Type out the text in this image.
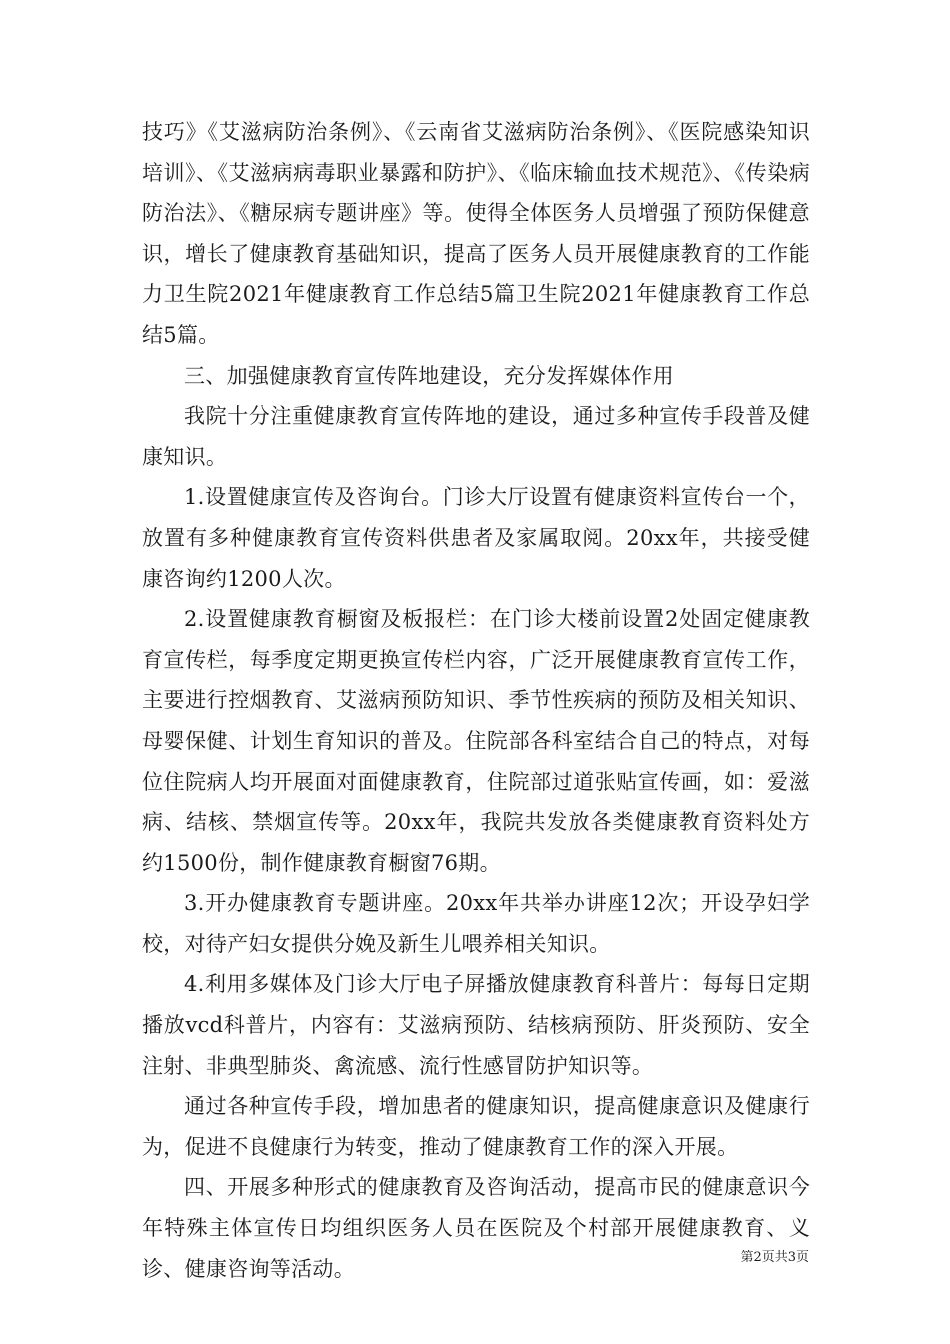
技巧》《艾滋病防治条例》、《云南省艾滋病防治条例》、《医院感染知识培训》、《艾滋病病毒职业暴露和防护》、《临床输血技术规范》、《传染病防治法》、《糖尿病专题讲座》等。使得全体医务人员增强了预防保健意识，增长了健康教育基础知识，提高了医务人员开展健康教育的工作能力卫生院2021年健康教育工作总结5篇卫生院2021年健康教育工作总结5篇。

三、加强健康教育宣传阵地建设，充分发挥媒体作用

我院十分注重健康教育宣传阵地的建设，通过多种宣传手段普及健康知识。

1.设置健康宣传及咨询台。门诊大厅设置有健康资料宣传台一个，放置有多种健康教育宣传资料供患者及家属取阅。20xx年，共接受健康咨询约1200人次。

2.设置健康教育橱窗及板报栏：在门诊大楼前设置2处固定健康教育宣传栏，每季度定期更换宣传栏内容，广泛开展健康教育宣传工作，主要进行控烟教育、艾滋病预防知识、季节性疾病的预防及相关知识、母婴保健、计划生育知识的普及。住院部各科室结合自己的特点，对每位住院病人均开展面对面健康教育，住院部过道张贴宣传画，如：爱滋病、结核、禁烟宣传等。20xx年，我院共发放各类健康教育资料处方约1500份，制作健康教育橱窗76期。

3.开办健康教育专题讲座。20xx年共举办讲座12次；开设孕妇学校，对待产妇女提供分娩及新生儿喂养相关知识。

4.利用多媒体及门诊大厅电子屏播放健康教育科普片：每每日定期播放vcd科普片，内容有：艾滋病预防、结核病预防、肝炎预防、安全注射、非典型肺炎、禽流感、流行性感冒防护知识等。

通过各种宣传手段，增加患者的健康知识，提高健康意识及健康行为，促进不良健康行为转变，推动了健康教育工作的深入开展。

四、开展多种形式的健康教育及咨询活动，提高市民的健康意识今年特殊主体宣传日均组织医务人员在医院及个村部开展健康教育、义诊、健康咨询等活动。	第2页共3页
